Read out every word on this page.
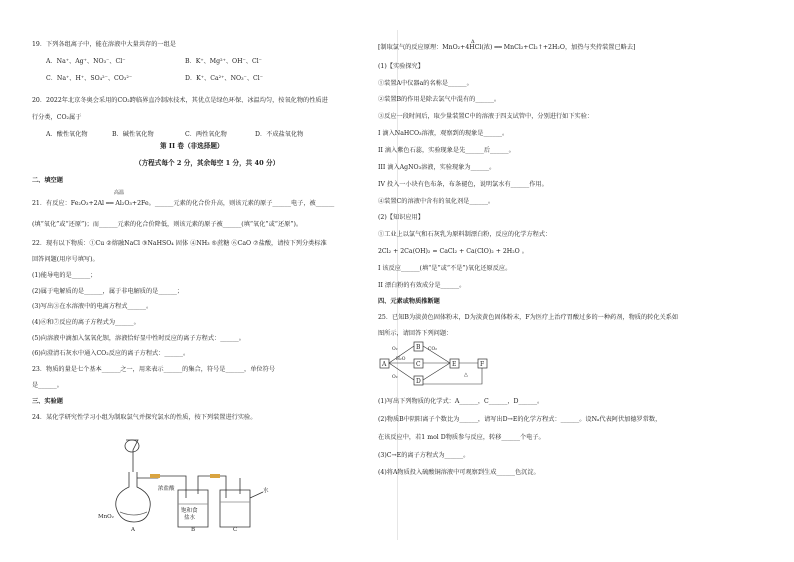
19．下列各组离子中，能在溶液中大量共存的一组是
A．Na⁺、Ag⁺、NO₃⁻、Cl⁻	B．K⁺、Mg²⁺、OH⁻、Cl⁻
C．Na⁺、H⁺、SO₄²⁻、CO₃²⁻	D．K⁺、Ca²⁺、NO₃⁻、Cl⁻
20．2022年北京冬奥会采用的CO₂跨临界直冷制冰技术，其优点是绿色环保、冰温均匀，按氧化物的性质进
行分类，CO₂属于
A．酸性氧化物	B．碱性氧化物	C．两性氧化物	D．不成盐氧化物
第 II 卷（非选择题）
（方程式每个 2 分，其余每空 1 分，共 40 分）
二、填空题
高温
21．有反应：Fe₂O₃+2Al ══ Al₂O₃+2Fe。______元素的化合价升高，则该元素的原子______电子，被______
(填“氧化”或“还原”)；而______元素的化合价降低，则该元素的原子被______(填“氧化”或“还原”)。
22．现有以下物质：①Cu ②熔融NaCl ③NaHSO₄ 固体 ④NH₃ ⑤蔗糖 ⑥CaO ⑦盐酸，请按下列分类标准
回答问题(用序号填写)。
(1)能导电的是______；
(2)属于电解质的是______，属于非电解质的是______；
(3)写出③在水溶液中的电离方程式______。
(4)⑥和⑦反应的离子方程式为______。
(5)向溶液中滴加入氢氧化钡，溶液恰好显中性时反应的离子方程式：______。
(6)向澄清石灰水中通入CO₂反应的离子方程式：______。
23．物质的量是七个基本______之一，用来表示______的集合，符号是______，单位符号
是______。
三、实验题
24．某化学研究性学习小组为制取氯气并探究氯水的性质，按下列装置进行实验。
MnO₂
浓盐酸
饱和食
盐水
水
A	B	C
Δ
[制取氯气的反应原理：MnO₂+4HCl(浓) ══ MnCl₂+Cl₂↑+2H₂O，加热与夹持装置已略去]
(1)【实验探究】
①装置A中仪器a的名称是______。
②装置B的作用是除去氯气中混有的______。
③反应一段时间后，取少量装置C中的溶液于四支试管中，分别进行如下实验：
I 滴入NaHCO₃溶液，观察到的现象是______。
II 滴入紫色石蕊，实验现象是先______后______。
III 滴入AgNO₃溶液，实验现象为______。
IV 投入一小块有色布条，布条褪色，说明氯水有______作用。
④装置C的溶液中含有的氧化剂是______。
(2)【知识应用】
①工业上以氯气和石灰乳为原料制漂白粉，反应的化学方程式：
2Cl₂ + 2Ca(OH)₂ = CaCl₂ + Ca(ClO)₂ + 2H₂O 。
I 该反应______(填“是”或“不是”)氧化还原反应。
II 漂白粉的有效成分是______。
四、元素或物质推断题
25．已知B为淡黄色固体粉末，D为淡黄色固体粉末，F为医疗上治疗胃酸过多的一种药剂，物质的转化关系如
图所示，请回答下列问题：
A
B
C
D
E	F
O₂
H₂O
O₂
CO₂
△
(1)写出下列物质的化学式：A______，C______，D______。
(2)物质B中阴阳离子个数比为______，请写出D→E的化学方程式：______。设Nₐ代表阿伏加德罗常数，
在该反应中，若1 mol D物质参与反应，转移______个电子。
(3)C→E的离子方程式为______。
(4)将A物质投入硫酸铜溶液中可观察到生成______色沉淀。
